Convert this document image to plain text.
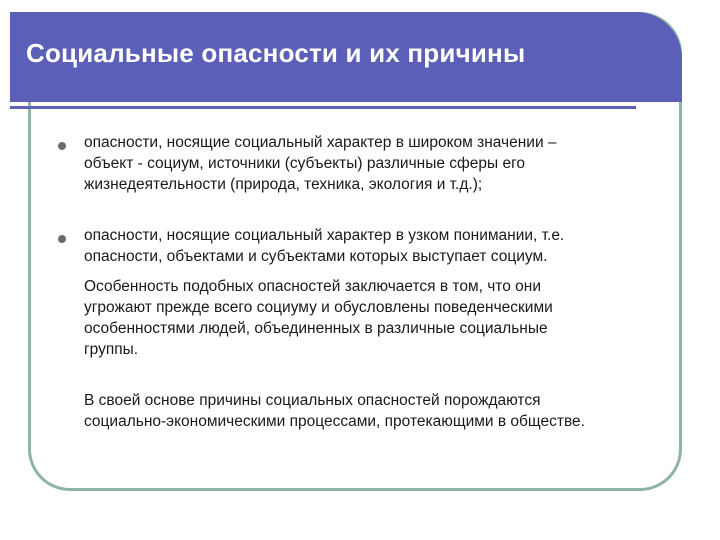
Социальные опасности и их причины
опасности, носящие социальный характер в широком значении –
объект - социум, источники (субъекты) различные сферы его
жизнедеятельности (природа, техника, экология и т.д.);
опасности, носящие социальный характер в узком понимании, т.е.
опасности, объектами и субъектами которых выступает социум.
Особенность подобных опасностей заключается в том, что они
угрожают прежде всего социуму и обусловлены поведенческими
особенностями людей, объединенных в различные социальные
группы.
В своей основе причины социальных опасностей порождаются
социально-экономическими процессами, протекающими в обществе.
